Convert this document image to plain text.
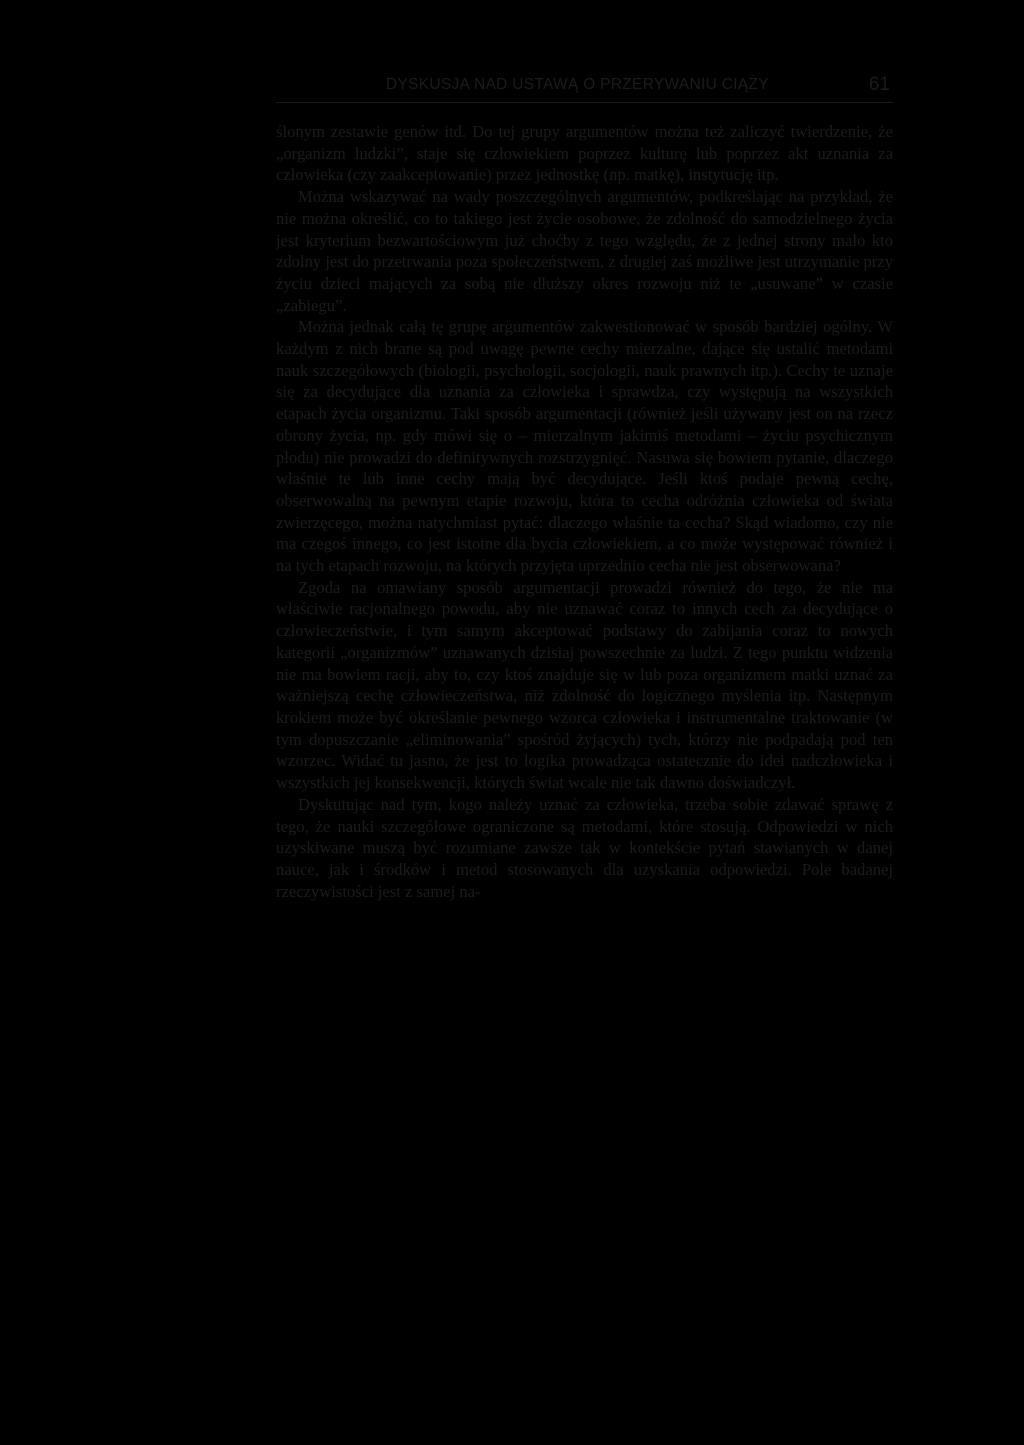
DYSKUSJA NAD USTAWĄ O PRZERYWANIU CIĄŻY	61

ślonym zestawie genów itd. Do tej grupy argumentów można też zaliczyć twierdzenie, że „organizm ludzki”, staje się człowiekiem poprzez kulturę lub poprzez akt uznania za człowieka (czy zaakceptowanie) przez jednostkę (np. matkę), instytucję itp.

Można wskazywać na wady poszczególnych argumentów, podkreślając na przykład, że nie można określić, co to takiego jest życie osobowe, że zdolność do samodzielnego życia jest kryterium bezwartościowym już choćby z tego względu, że z jednej strony mało kto zdolny jest do przetrwania poza społeczeństwem, z drugiej zaś możliwe jest utrzymanie przy życiu dzieci mających za sobą nie dłuższy okres rozwoju niż te „usuwane” w czasie „zabiegu”.

Można jednak całą tę grupę argumentów zakwestionować w sposób bardziej ogólny. W każdym z nich brane są pod uwagę pewne cechy mierzalne, dające się ustalić metodami nauk szczegółowych (biologii, psychologii, socjologii, nauk prawnych itp.). Cechy te uznaje się za decydujące dla uznania za człowieka i sprawdza, czy występują na wszystkich etapach życia organizmu. Taki sposób argumentacji (również jeśli używany jest on na rzecz obrony życia, np. gdy mówi się o – mierzalnym jakimiś metodami – życiu psychicznym płodu) nie prowadzi do definitywnych rozstrzygnięć. Nasuwa się bowiem pytanie, dlaczego właśnie te lub inne cechy mają być decydujące. Jeśli ktoś podaje pewną cechę, obserwowalną na pewnym etapie rozwoju, która to cecha odróżnia człowieka od świata zwierzęcego, można natychmiast pytać: dlaczego właśnie ta cecha? Skąd wiadomo, czy nie ma czegoś innego, co jest istotne dla bycia człowiekiem, a co może występować również i na tych etapach rozwoju, na których przyjęta uprzednio cecha nie jest obserwowana?

Zgoda na omawiany sposób argumentacji prowadzi również do tego, że nie ma właściwie racjonalnego powodu, aby nie uznawać coraz to innych cech za decydujące o człowieczeństwie, i tym samym akceptować podstawy do zabijania coraz to nowych kategorii „organizmów” uznawanych dzisiaj powszechnie za ludzi. Z tego punktu widzenia nie ma bowiem racji, aby to, czy ktoś znajduje się w lub poza organizmem matki uznać za ważniejszą cechę człowieczeństwa, niż zdolność do logicznego myślenia itp. Następnym krokiem może być określanie pewnego wzorca człowieka i instrumentalne traktowanie (w tym dopuszczanie „eliminowania” spośród żyjących) tych, którzy nie podpadają pod ten wzorzec. Widać tu jasno, że jest to logika prowadząca ostatecznie do idei nadczłowieka i wszystkich jej konsekwencji, których świat wcale nie tak dawno doświadczył.

Dyskutując nad tym, kogo należy uznać za człowieka, trzeba sobie zdawać sprawę z tego, że nauki szczegółowe ograniczone są metodami, które stosują. Odpowiedzi w nich uzyskiwane muszą być rozumiane zawsze tak w kontekście pytań stawianych w danej nauce, jak i środków i metod stosowanych dla uzyskania odpowiedzi. Pole badanej rzeczywistości jest z samej na-
